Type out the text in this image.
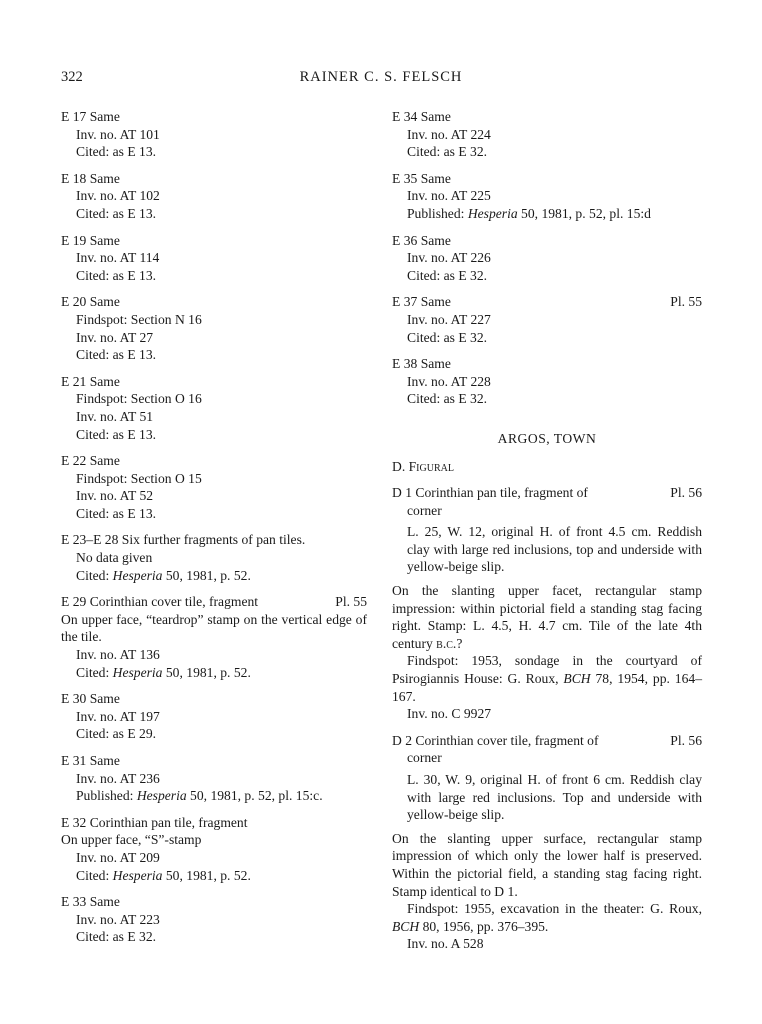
322	RAINER C. S. FELSCH
E 17 Same
Inv. no. AT 101
Cited: as E 13.
E 18 Same
Inv. no. AT 102
Cited: as E 13.
E 19 Same
Inv. no. AT 114
Cited: as E 13.
E 20 Same
Findspot: Section N 16
Inv. no. AT 27
Cited: as E 13.
E 21 Same
Findspot: Section O 16
Inv. no. AT 51
Cited: as E 13.
E 22 Same
Findspot: Section O 15
Inv. no. AT 52
Cited: as E 13.
E 23–E 28 Six further fragments of pan tiles.
No data given
Cited: Hesperia 50, 1981, p. 52.
E 29 Corinthian cover tile, fragment	Pl. 55
On upper face, “teardrop” stamp on the vertical edge of the tile.
Inv. no. AT 136
Cited: Hesperia 50, 1981, p. 52.
E 30 Same
Inv. no. AT 197
Cited: as E 29.
E 31 Same
Inv. no. AT 236
Published: Hesperia 50, 1981, p. 52, pl. 15:c.
E 32 Corinthian pan tile, fragment
On upper face, “S”-stamp
Inv. no. AT 209
Cited: Hesperia 50, 1981, p. 52.
E 33 Same
Inv. no. AT 223
Cited: as E 32.
E 34 Same
Inv. no. AT 224
Cited: as E 32.
E 35 Same
Inv. no. AT 225
Published: Hesperia 50, 1981, p. 52, pl. 15:d
E 36 Same
Inv. no. AT 226
Cited: as E 32.
E 37 Same	Pl. 55
Inv. no. AT 227
Cited: as E 32.
E 38 Same
Inv. no. AT 228
Cited: as E 32.
ARGOS, TOWN
D. Figural
D 1 Corinthian pan tile, fragment of	Pl. 56
corner
L. 25, W. 12, original H. of front 4.5 cm. Reddish clay with large red inclusions, top and underside with yellow-beige slip.
On the slanting upper facet, rectangular stamp impression: within pictorial field a standing stag facing right. Stamp: L. 4.5, H. 4.7 cm. Tile of the late 4th century b.c.?
Findspot: 1953, sondage in the courtyard of Psirogiannis House: G. Roux, BCH 78, 1954, pp. 164–167.
Inv. no. C 9927
D 2 Corinthian cover tile, fragment of	Pl. 56
corner
L. 30, W. 9, original H. of front 6 cm. Reddish clay with large red inclusions. Top and underside with yellow-beige slip.
On the slanting upper surface, rectangular stamp impression of which only the lower half is preserved. Within the pictorial field, a standing stag facing right. Stamp identical to D 1.
Findspot: 1955, excavation in the theater: G. Roux, BCH 80, 1956, pp. 376–395.
Inv. no. A 528
